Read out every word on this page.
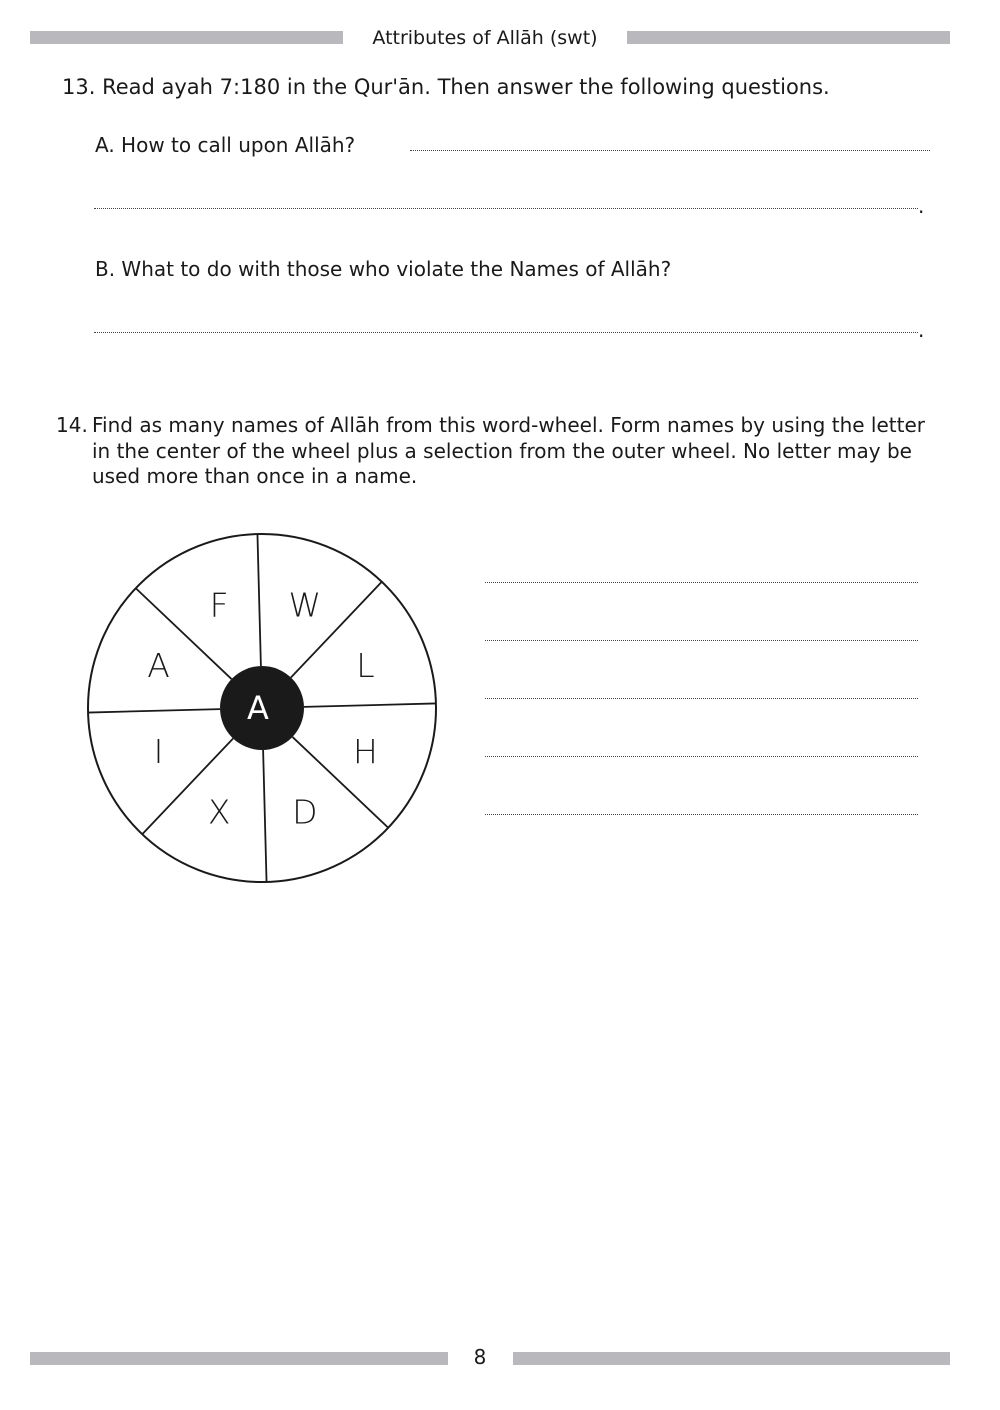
Attributes of Allāh (swt)
13. Read ayah 7:180 in the Qur'ān. Then answer the following questions.
A. How to call upon Allāh?
.
B. What to do with those who violate the Names of Allāh?
.
14. Find as many names of Allāh from this word-wheel. Form names by using the letter in the center of the wheel plus a selection from the outer wheel. No letter may be used more than once in a name.
A
W
L
H
D
X
I
A
F
8
